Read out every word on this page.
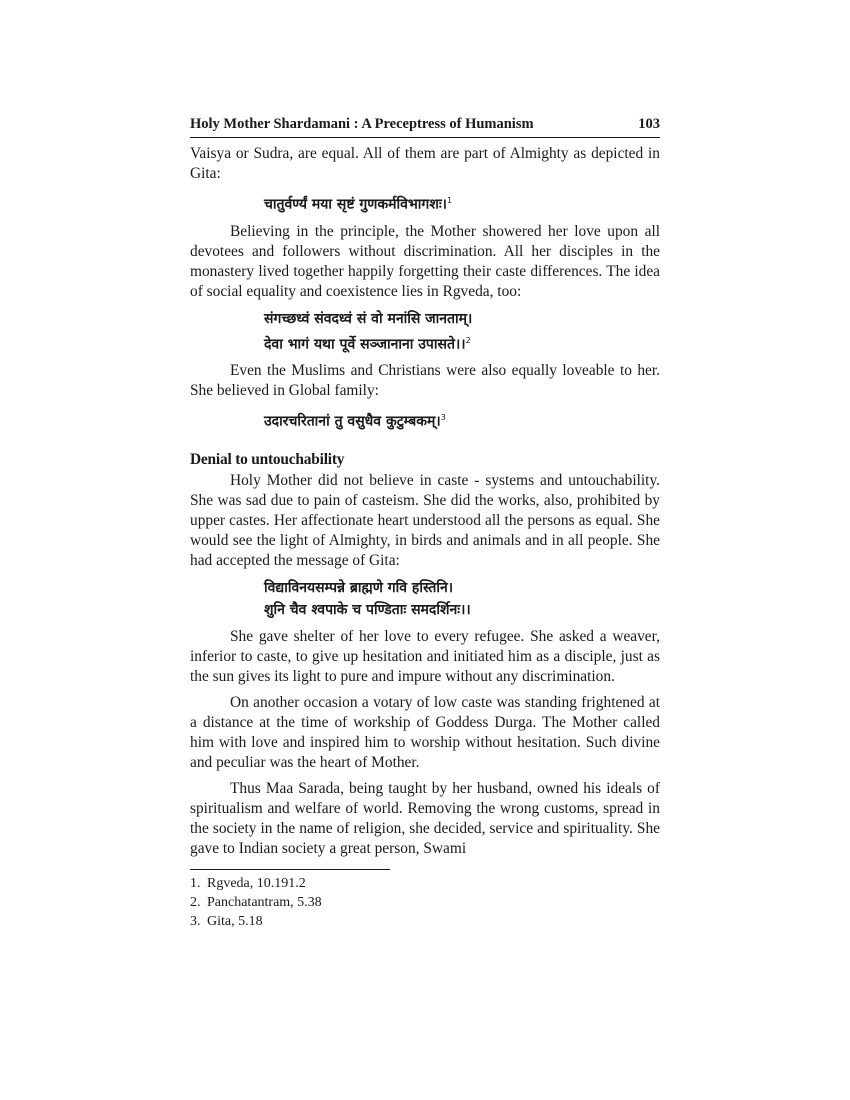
Holy Mother Shardamani : A Preceptress of Humanism	103

Vaisya or Sudra, are equal. All of them are part of Almighty as depicted in Gita:

चातुर्वर्ण्यं मया सृष्टं गुणकर्मविभागशः।$^1$

Believing in the principle, the Mother showered her love upon all devotees and followers without discrimination. All her disciples in the monastery lived together happily forgetting their caste differences. The idea of social equality and coexistence lies in Rgveda, too:

संगच्छध्वं संवदध्वं सं वो मनांसि जानताम्।
देवा भागं यथा पूर्वे सञ्जानाना उपासते।।$^2$

Even the Muslims and Christians were also equally loveable to her. She believed in Global family:

उदारचरितानां तु वसुधैव कुटुम्बकम्।$^3$
Denial to untouchability

Holy Mother did not believe in caste - systems and untouchability. She was sad due to pain of casteism. She did the works, also, prohibited by upper castes. Her affectionate heart understood all the persons as equal. She would see the light of Almighty, in birds and animals and in all people. She had accepted the message of Gita:

विद्याविनयसम्पन्ने ब्राह्मणे गवि हस्तिनि।
शुनि चैव श्वपाके च पण्डिताः समदर्शिनः।।

She gave shelter of her love to every refugee. She asked a weaver, inferior to caste, to give up hesitation and initiated him as a disciple, just as the sun gives its light to pure and impure without any discrimination.

On another occasion a votary of low caste was standing frightened at a distance at the time of workship of Goddess Durga. The Mother called him with love and inspired him to worship without hesitation. Such divine and peculiar was the heart of Mother.

Thus Maa Sarada, being taught by her husband, owned his ideals of spiritualism and welfare of world. Removing the wrong customs, spread in the society in the name of religion, she decided, service and spirituality. She gave to Indian society a great person, Swami

1. Rgveda, 10.191.2
2. Panchatantram, 5.38
3. Gita, 5.18
